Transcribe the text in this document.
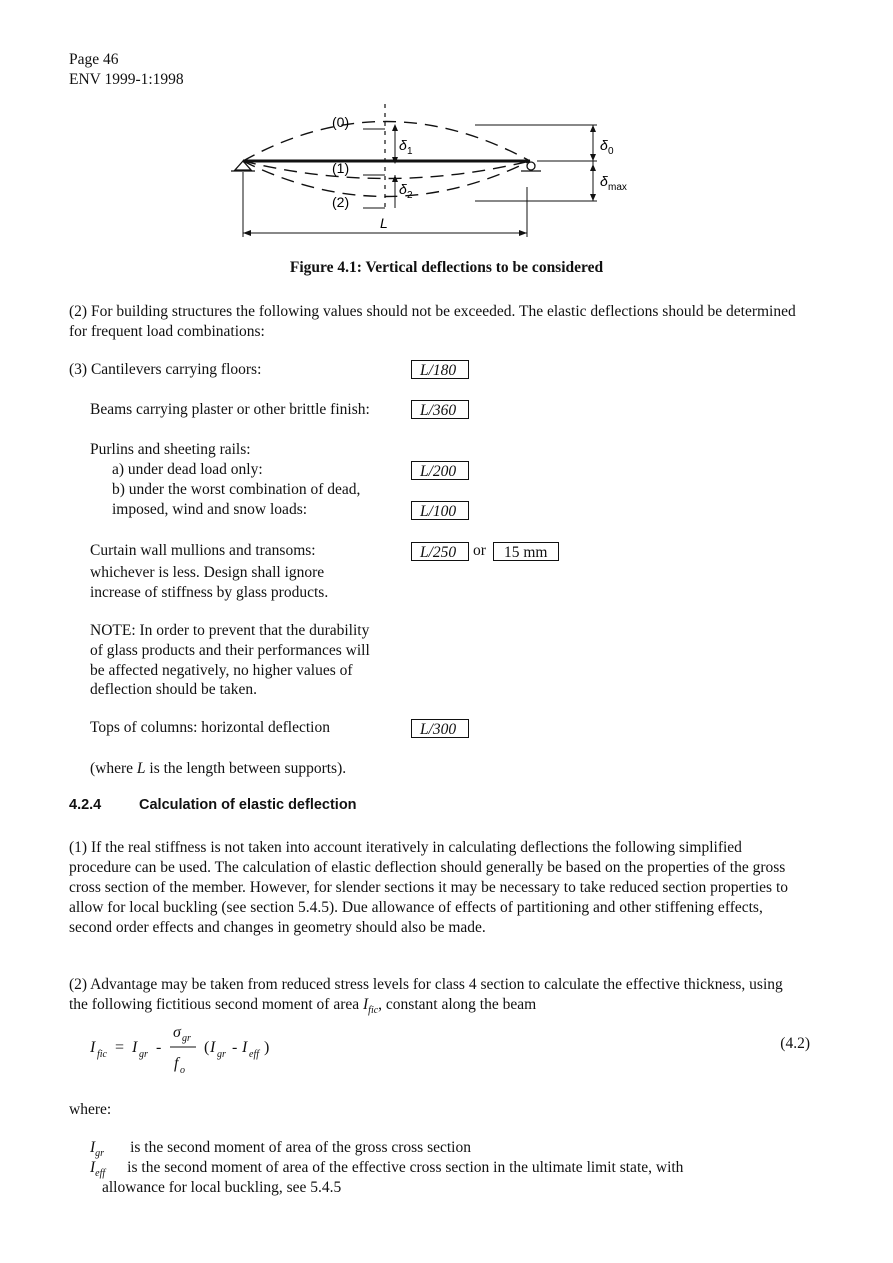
Page 46
ENV 1999-1:1998
(0)
(1)
(2)
L
δ 1
δ 2
δ 0
δ max
Figure 4.1: Vertical deflections to be considered
(2) For building structures the following values should not be exceeded. The elastic deflections should be determined for frequent load combinations:
(3) Cantilevers carrying floors:	L/180
Beams carrying plaster or other brittle finish:	L/360
Purlins and sheeting rails:
a) under dead load only:	L/200
b) under the worst combination of dead,
imposed, wind and snow loads:	L/100
Curtain wall mullions and transoms:	L/250	or	15 mm
whichever is less. Design shall ignore
increase of stiffness by glass products.
NOTE: In order to prevent that the durability
of glass products and their performances will
be affected negatively, no higher values of
deflection should be taken.
Tops of columns: horizontal deflection	L/300
(where L is the length between supports).
4.2.4	Calculation of elastic deflection
(1) If the real stiffness is not taken into account iteratively in calculating deflections the following simplified procedure can be used. The calculation of elastic deflection should generally be based on the properties of the gross cross section of the member. However, for slender sections it may be necessary to take reduced section properties to allow for local buckling (see section 5.4.5). Due allowance of effects of partitioning and other stiffening effects, second order effects and changes in geometry should also be made.
(2) Advantage may be taken from reduced stress levels for class 4 section to calculate the effective thickness, using the following fictitious second moment of area $I_{fic}$, constant along the beam
I fic = I gr -
σ gr
f o
( I gr - I eff )	(4.2)
where:
$I_{gr}$ is the second moment of area of the gross cross section
$I_{eff}$ is the second moment of area of the effective cross section in the ultimate limit state, with
allowance for local buckling, see 5.4.5
